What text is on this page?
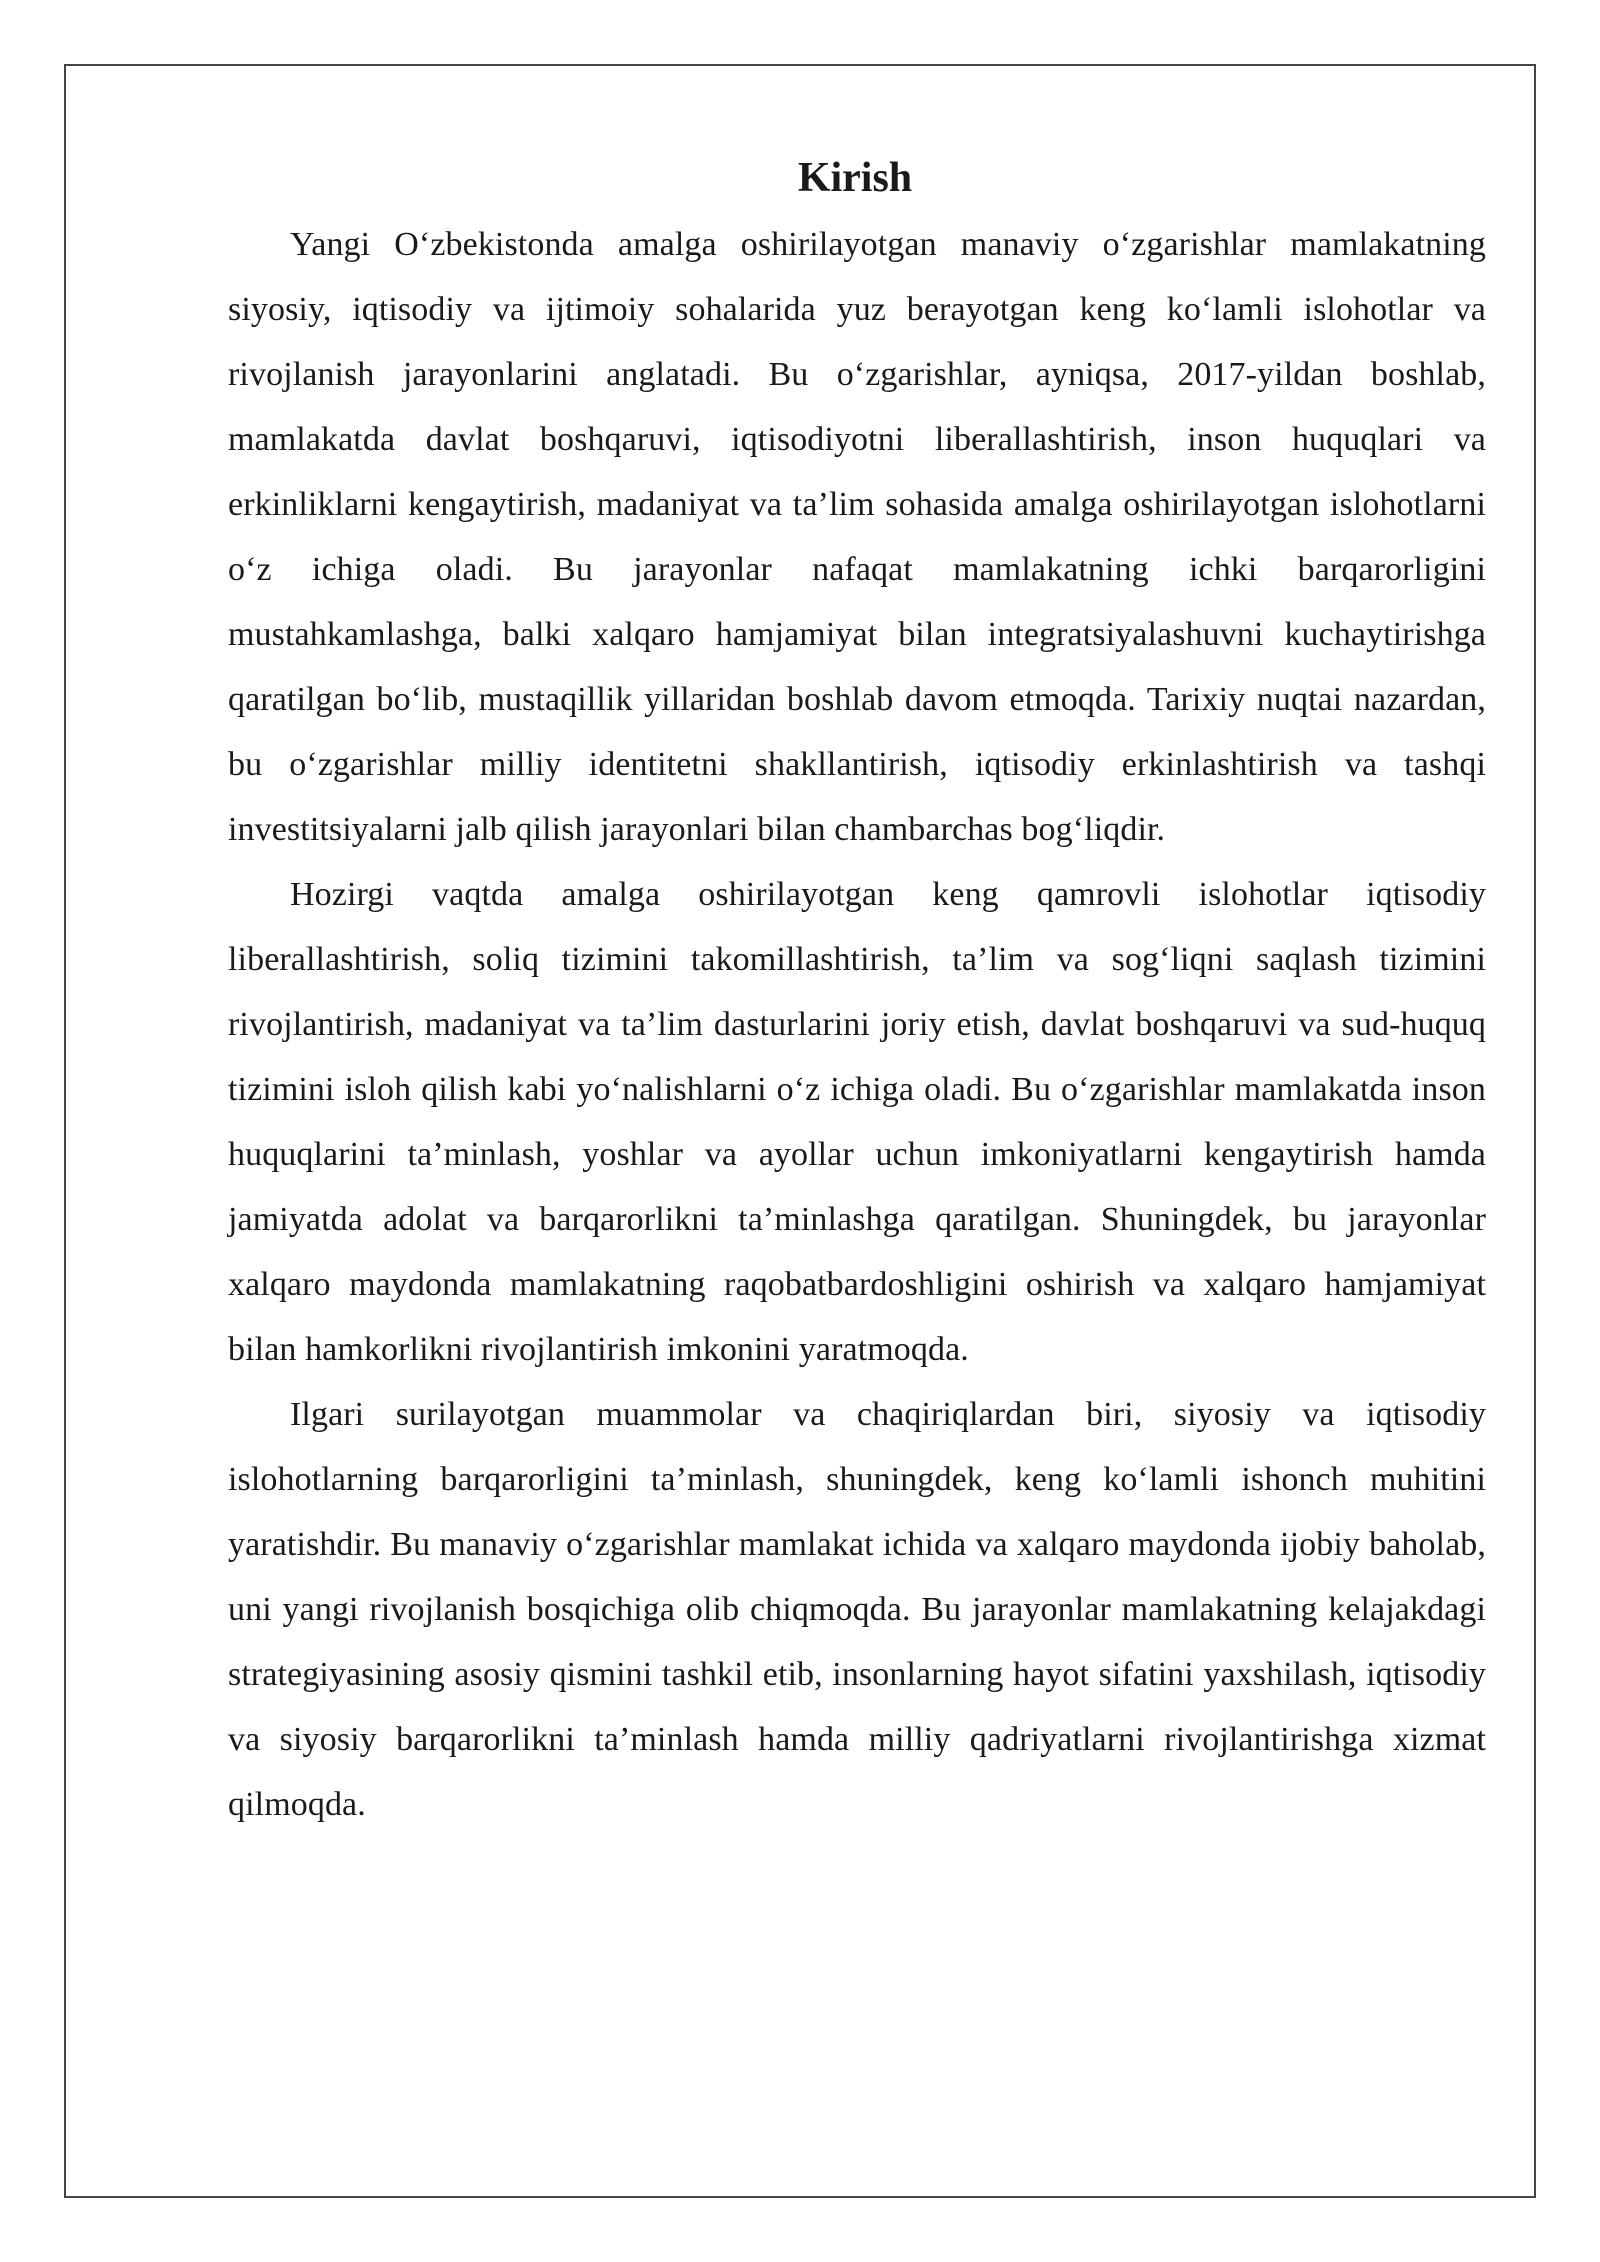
Kirish

Yangi O‘zbekistonda amalga oshirilayotgan manaviy o‘zgarishlar mamlakatning siyosiy, iqtisodiy va ijtimoiy sohalarida yuz berayotgan keng ko‘lamli islohotlar va rivojlanish jarayonlarini anglatadi. Bu o‘zgarishlar, ayniqsa, 2017-yildan boshlab, mamlakatda davlat boshqaruvi, iqtisodiyotni liberallashtirish, inson huquqlari va erkinliklarni kengaytirish, madaniyat va ta’lim sohasida amalga oshirilayotgan islohotlarni o‘z ichiga oladi. Bu jarayonlar nafaqat mamlakatning ichki barqarorligini mustahkamlashga, balki xalqaro hamjamiyat bilan integratsiyalashuvni kuchaytirishga qaratilgan bo‘lib, mustaqillik yillaridan boshlab davom etmoqda. Tarixiy nuqtai nazardan, bu o‘zgarishlar milliy identitetni shakllantirish, iqtisodiy erkinlashtirish va tashqi investitsiyalarni jalb qilish jarayonlari bilan chambarchas bog‘liqdir.

Hozirgi vaqtda amalga oshirilayotgan keng qamrovli islohotlar iqtisodiy liberallashtirish, soliq tizimini takomillashtirish, ta’lim va sog‘liqni saqlash tizimini rivojlantirish, madaniyat va ta’lim dasturlarini joriy etish, davlat boshqaruvi va sud-huquq tizimini isloh qilish kabi yo‘nalishlarni o‘z ichiga oladi. Bu o‘zgarishlar mamlakatda inson huquqlarini ta’minlash, yoshlar va ayollar uchun imkoniyatlarni kengaytirish hamda jamiyatda adolat va barqarorlikni ta’minlashga qaratilgan. Shuningdek, bu jarayonlar xalqaro maydonda mamlakatning raqobatbardoshligini oshirish va xalqaro hamjamiyat bilan hamkorlikni rivojlantirish imkonini yaratmoqda.

Ilgari surilayotgan muammolar va chaqiriqlardan biri, siyosiy va iqtisodiy islohotlarning barqarorligini ta’minlash, shuningdek, keng ko‘lamli ishonch muhitini yaratishdir. Bu manaviy o‘zgarishlar mamlakat ichida va xalqaro maydonda ijobiy baholab, uni yangi rivojlanish bosqichiga olib chiqmoqda. Bu jarayonlar mamlakatning kelajakdagi strategiyasining asosiy qismini tashkil etib, insonlarning hayot sifatini yaxshilash, iqtisodiy va siyosiy barqarorlikni ta’minlash hamda milliy qadriyatlarni rivojlantirishga xizmat qilmoqda.
